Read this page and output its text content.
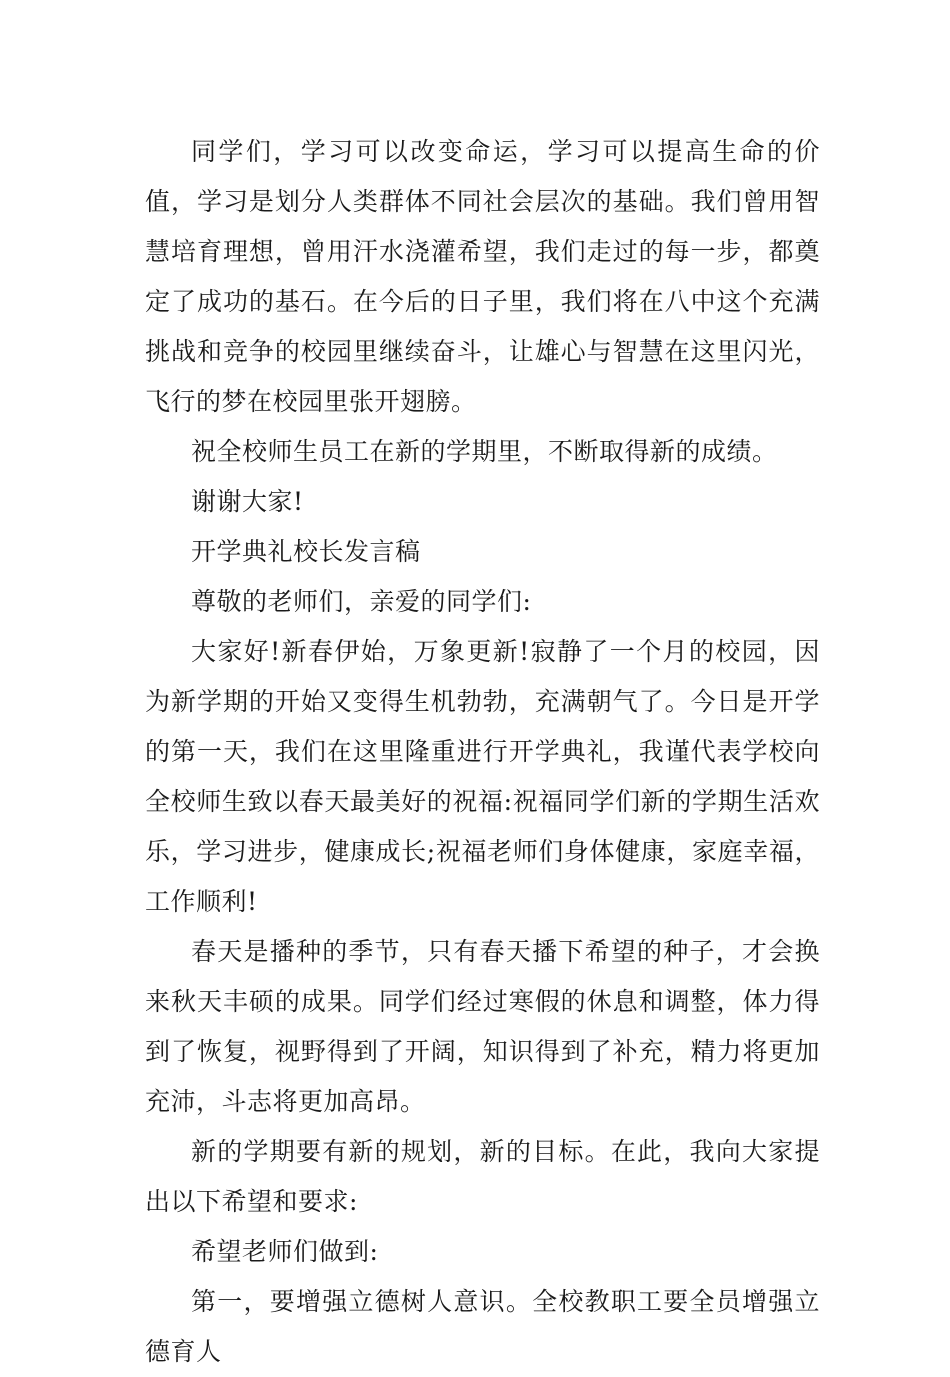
同学们，学习可以改变命运，学习可以提高生命的价值，学习是划分人类群体不同社会层次的基础。我们曾用智慧培育理想，曾用汗水浇灌希望，我们走过的每一步，都奠定了成功的基石。在今后的日子里，我们将在八中这个充满挑战和竞争的校园里继续奋斗，让雄心与智慧在这里闪光，飞行的梦在校园里张开翅膀。

祝全校师生员工在新的学期里，不断取得新的成绩。

谢谢大家!

开学典礼校长发言稿

尊敬的老师们，亲爱的同学们:

大家好!新春伊始，万象更新!寂静了一个月的校园，因为新学期的开始又变得生机勃勃，充满朝气了。今日是开学的第一天，我们在这里隆重进行开学典礼，我谨代表学校向全校师生致以春天最美好的祝福:祝福同学们新的学期生活欢乐，学习进步，健康成长;祝福老师们身体健康，家庭幸福，工作顺利!

春天是播种的季节，只有春天播下希望的种子，才会换来秋天丰硕的成果。同学们经过寒假的休息和调整，体力得到了恢复，视野得到了开阔，知识得到了补充，精力将更加充沛，斗志将更加高昂。

新的学期要有新的规划，新的目标。在此，我向大家提出以下希望和要求:

希望老师们做到:

第一，要增强立德树人意识。全校教职工要全员增强立德育人
